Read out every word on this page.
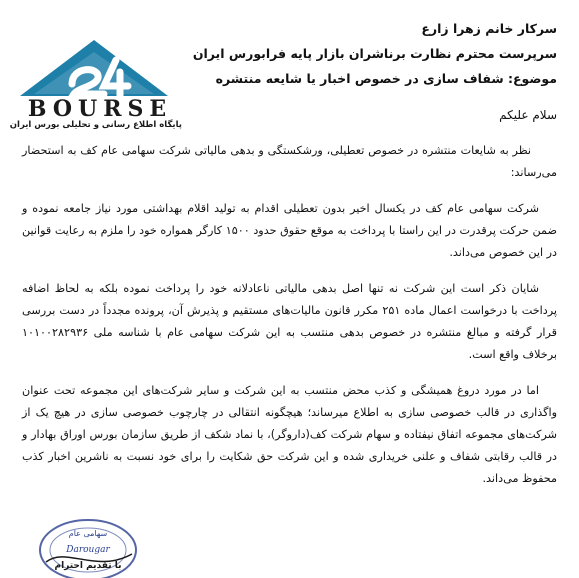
BOURSE
پایگاه اطلاع رسانی و تحلیلی بورس ایران
سرکار خانم زهرا زارع
سرپرست محترم نظارت برناشران بازار پایه فرابورس ایران
موضوع: شفاف سازی در خصوص اخبار یا شایعه منتشره
سلام علیکم

نظر به شایعات منتشره در خصوص تعطیلی، ورشکستگی و بدهی مالیاتی شرکت سهامی عام کف به استحضار می‌رساند:

شرکت سهامی عام کف در یکسال اخیر بدون تعطیلی اقدام به تولید اقلام بهداشتی مورد نیاز جامعه نموده و ضمن حرکت پرقدرت در این راستا با پرداخت به موقع حقوق حدود ۱۵۰۰ کارگر همواره خود را ملزم به رعایت قوانین در این خصوص می‌داند.

شایان ذکر است این شرکت نه تنها اصل بدهی مالیاتی ناعادلانه خود را پرداخت نموده بلکه به لحاظ اضافه پرداخت با درخواست اعمال ماده ۲۵۱ مکرر قانون مالیات‌های مستقیم و پذیرش آن، پرونده مجدداً در دست بررسی قرار گرفته و مبالغ منتشره در خصوص بدهی منتسب به این شرکت سهامی عام با شناسه ملی ۱۰۱۰۰۲۸۲۹۳۶ برخلاف واقع است.

اما در مورد دروغ همیشگی و کذب محض منتسب به این شرکت و سایر شرکت‌های این مجموعه تحت عنوان واگذاری در قالب خصوصی سازی به اطلاع میرساند؛ هیچگونه انتقالی در چارچوب خصوصی سازی در هیچ یک از شرکت‌های مجموعه اتفاق نیفتاده و سهام شرکت کف(داروگر)، با نماد شکف از طریق سازمان بورس اوراق بهادار و در قالب رقابتی شفاف و علنی خریداری شده و این شرکت حق شکایت را برای خود نسبت به ناشرین اخبار کذب محفوظ می‌داند.

سهامی عام
Darougar
با تقدیم احترام
